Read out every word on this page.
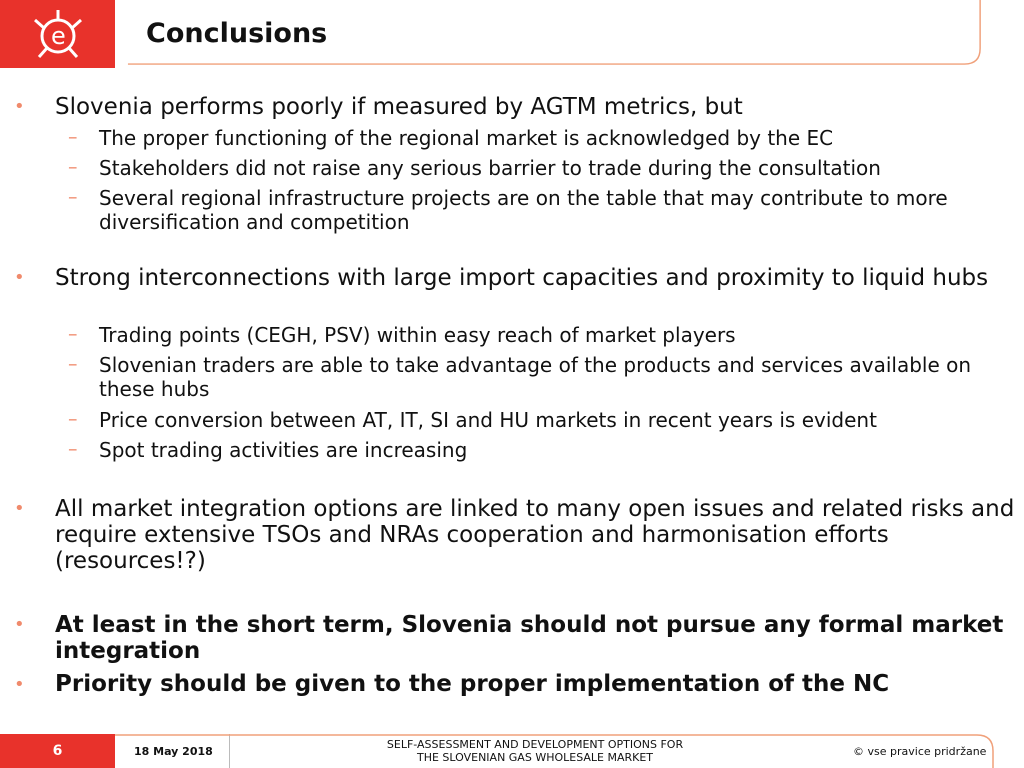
e	Conclusions
• Slovenia performs poorly if measured by AGTM metrics, but
– The proper functioning of the regional market is acknowledged by the EC
– Stakeholders did not raise any serious barrier to trade during the consultation
– Several regional infrastructure projects are on the table that may contribute to more diversification and competition
• Strong interconnections with large import capacities and proximity to liquid hubs
– Trading points (CEGH, PSV) within easy reach of market players
– Slovenian traders are able to take advantage of the products and services available on these hubs
– Price conversion between AT, IT, SI and HU markets in recent years is evident
– Spot trading activities are increasing
• All market integration options are linked to many open issues and related risks and require extensive TSOs and NRAs cooperation and harmonisation efforts (resources!?)
• At least in the short term, Slovenia should not pursue any formal market integration
• Priority should be given to the proper implementation of the NC
6	18 May 2018
SELF-ASSESSMENT AND DEVELOPMENT OPTIONS FOR
THE SLOVENIAN GAS WHOLESALE MARKET	© vse pravice pridržane
